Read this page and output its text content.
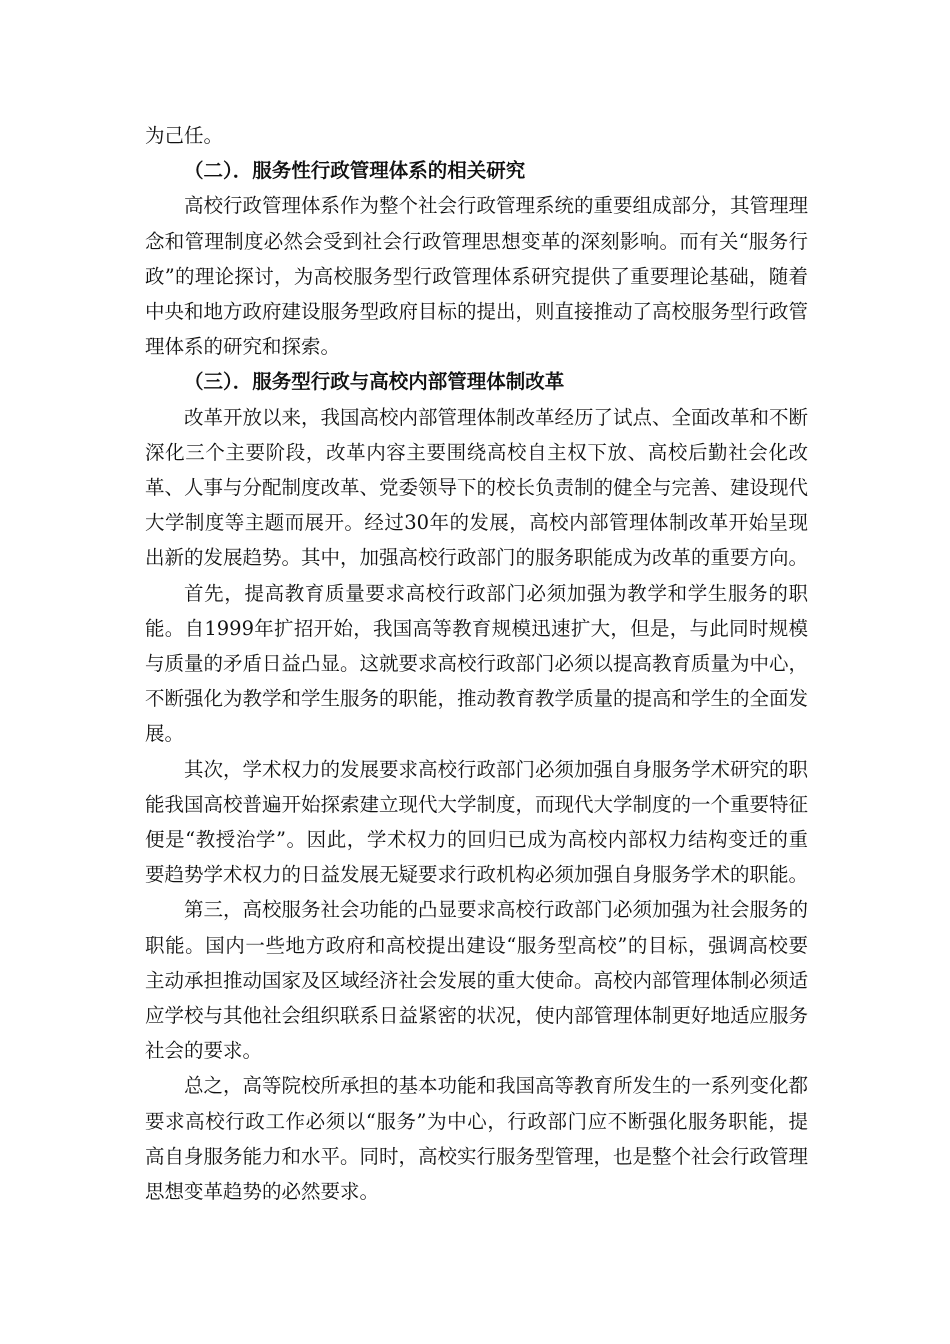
为己任。

（二）．服务性行政管理体系的相关研究

高校行政管理体系作为整个社会行政管理系统的重要组成部分，其管理理念和管理制度必然会受到社会行政管理思想变革的深刻影响。而有关“服务行政”的理论探讨，为高校服务型行政管理体系研究提供了重要理论基础，随着中央和地方政府建设服务型政府目标的提出，则直接推动了高校服务型行政管理体系的研究和探索。

（三）．服务型行政与高校内部管理体制改革

改革开放以来，我国高校内部管理体制改革经历了试点、全面改革和不断深化三个主要阶段，改革内容主要围绕高校自主权下放、高校后勤社会化改革、人事与分配制度改革、党委领导下的校长负责制的健全与完善、建设现代大学制度等主题而展开。经过30年的发展，高校内部管理体制改革开始呈现出新的发展趋势。其中，加强高校行政部门的服务职能成为改革的重要方向。

首先，提高教育质量要求高校行政部门必须加强为教学和学生服务的职能。自1999年扩招开始，我国高等教育规模迅速扩大，但是，与此同时规模与质量的矛盾日益凸显。这就要求高校行政部门必须以提高教育质量为中心，不断强化为教学和学生服务的职能，推动教育教学质量的提高和学生的全面发展。

其次，学术权力的发展要求高校行政部门必须加强自身服务学术研究的职能我国高校普遍开始探索建立现代大学制度，而现代大学制度的一个重要特征便是“教授治学”。因此，学术权力的回归已成为高校内部权力结构变迁的重要趋势学术权力的日益发展无疑要求行政机构必须加强自身服务学术的职能。

第三，高校服务社会功能的凸显要求高校行政部门必须加强为社会服务的职能。国内一些地方政府和高校提出建设“服务型高校”的目标，强调高校要主动承担推动国家及区域经济社会发展的重大使命。高校内部管理体制必须适应学校与其他社会组织联系日益紧密的状况，使内部管理体制更好地适应服务社会的要求。

总之，高等院校所承担的基本功能和我国高等教育所发生的一系列变化都要求高校行政工作必须以“服务”为中心，行政部门应不断强化服务职能，提高自身服务能力和水平。同时，高校实行服务型管理，也是整个社会行政管理思想变革趋势的必然要求。
